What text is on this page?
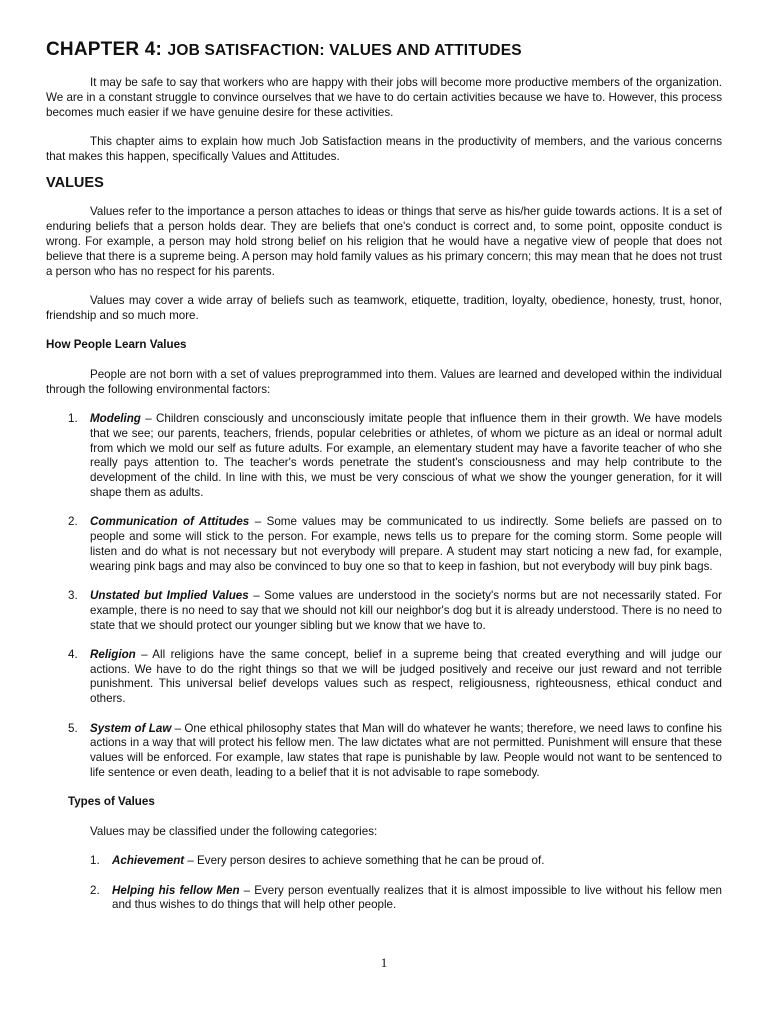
CHAPTER 4: JOB SATISFACTION: VALUES AND ATTITUDES

It may be safe to say that workers who are happy with their jobs will become more productive members of the organization. We are in a constant struggle to convince ourselves that we have to do certain activities because we have to. However, this process becomes much easier if we have genuine desire for these activities.

This chapter aims to explain how much Job Satisfaction means in the productivity of members, and the various concerns that makes this happen, specifically Values and Attitudes.

VALUES

Values refer to the importance a person attaches to ideas or things that serve as his/her guide towards actions. It is a set of enduring beliefs that a person holds dear. They are beliefs that one's conduct is correct and, to some point, opposite conduct is wrong. For example, a person may hold strong belief on his religion that he would have a negative view of people that does not believe that there is a supreme being. A person may hold family values as his primary concern; this may mean that he does not trust a person who has no respect for his parents.

Values may cover a wide array of beliefs such as teamwork, etiquette, tradition, loyalty, obedience, honesty, trust, honor, friendship and so much more.

How People Learn Values

People are not born with a set of values preprogrammed into them. Values are learned and developed within the individual through the following environmental factors:

1. Modeling – Children consciously and unconsciously imitate people that influence them in their growth. We have models that we see; our parents, teachers, friends, popular celebrities or athletes, of whom we picture as an ideal or normal adult from which we mold our self as future adults. For example, an elementary student may have a favorite teacher of who she really pays attention to. The teacher's words penetrate the student's consciousness and may help contribute to the development of the child. In line with this, we must be very conscious of what we show the younger generation, for it will shape them as adults.

2. Communication of Attitudes – Some values may be communicated to us indirectly. Some beliefs are passed on to people and some will stick to the person. For example, news tells us to prepare for the coming storm. Some people will listen and do what is not necessary but not everybody will prepare. A student may start noticing a new fad, for example, wearing pink bags and may also be convinced to buy one so that to keep in fashion, but not everybody will buy pink bags.

3. Unstated but Implied Values – Some values are understood in the society's norms but are not necessarily stated. For example, there is no need to say that we should not kill our neighbor's dog but it is already understood. There is no need to state that we should protect our younger sibling but we know that we have to.

4. Religion – All religions have the same concept, belief in a supreme being that created everything and will judge our actions. We have to do the right things so that we will be judged positively and receive our just reward and not terrible punishment. This universal belief develops values such as respect, religiousness, righteousness, ethical conduct and others.

5. System of Law – One ethical philosophy states that Man will do whatever he wants; therefore, we need laws to confine his actions in a way that will protect his fellow men. The law dictates what are not permitted. Punishment will ensure that these values will be enforced. For example, law states that rape is punishable by law. People would not want to be sentenced to life sentence or even death, leading to a belief that it is not advisable to rape somebody.

Types of Values

Values may be classified under the following categories:

1. Achievement – Every person desires to achieve something that he can be proud of.

2. Helping his fellow Men – Every person eventually realizes that it is almost impossible to live without his fellow men and thus wishes to do things that will help other people.

1
